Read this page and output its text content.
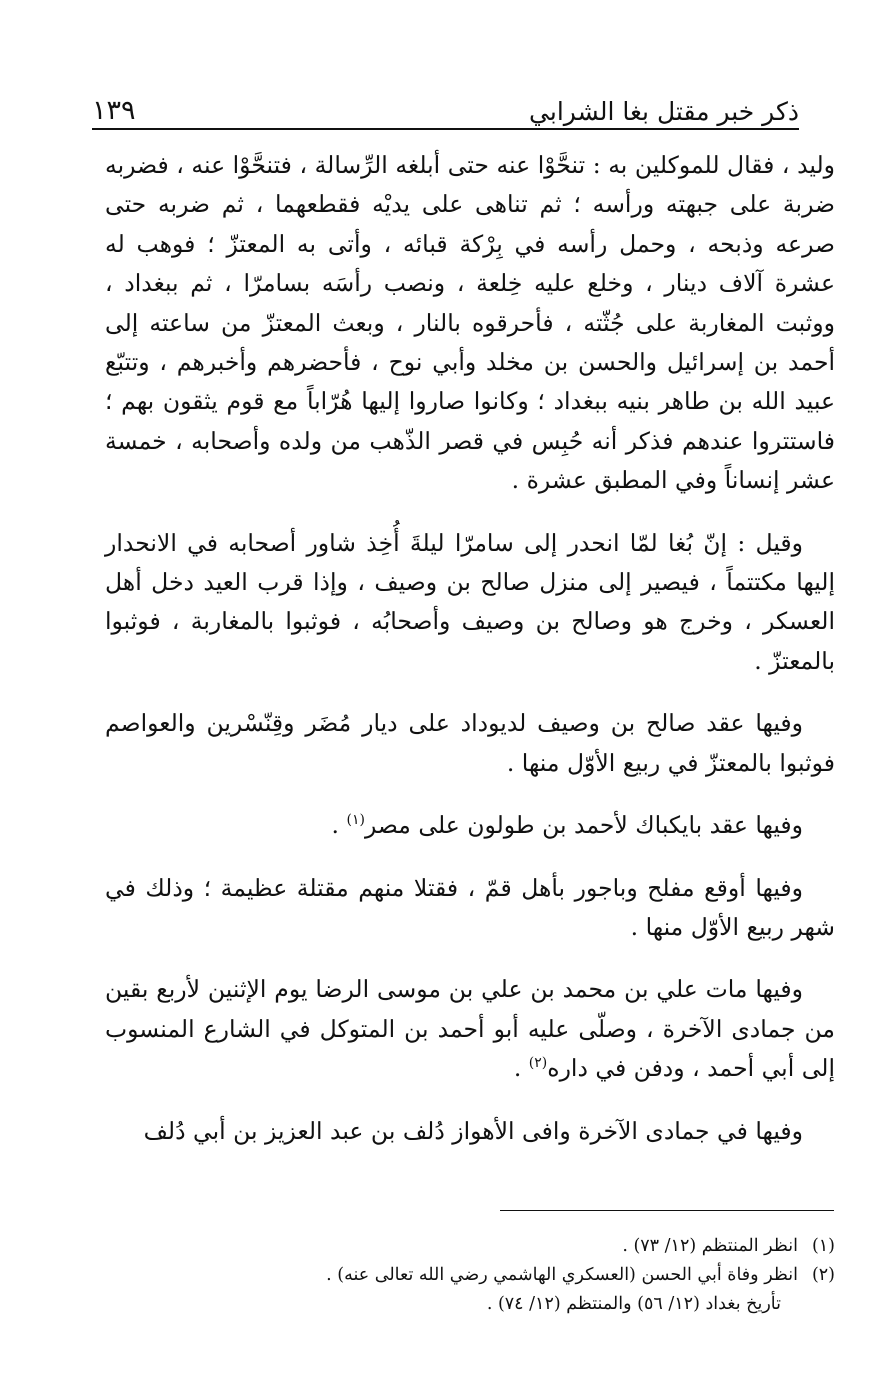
ذكر خبر مقتل بغا الشرابي
١٣٩

وليد ، فقال للموكلين به : تنحَّوْا عنه حتى أبلغه الرِّسالة ، فتنحَّوْا عنه ، فضربه ضربة على جبهته ورأسه ؛ ثم تناهى على يديْه فقطعهما ، ثم ضربه حتى صرعه وذبحه ، وحمل رأسه في بِرْكة قبائه ، وأتى به المعتزّ ؛ فوهب له عشرة آلاف دينار ، وخلع عليه خِلعة ، ونصب رأسَه بسامرّا ، ثم ببغداد ، ووثبت المغاربة على جُثّته ، فأحرقوه بالنار ، وبعث المعتزّ من ساعته إلى أحمد بن إسرائيل والحسن بن مخلد وأبي نوح ، فأحضرهم وأخبرهم ، وتتبّع عبيد الله بن طاهر بنيه ببغداد ؛ وكانوا صاروا إليها هُرّاباً مع قوم يثقون بهم ؛ فاستتروا عندهم فذكر أنه حُبِس في قصر الذّهب من ولده وأصحابه ، خمسة عشر إنساناً وفي المطبق عشرة .

وقيل : إنّ بُغا لمّا انحدر إلى سامرّا ليلةَ أُخِذ شاور أصحابه في الانحدار إليها مكتتماً ، فيصير إلى منزل صالح بن وصيف ، وإذا قرب العيد دخل أهل العسكر ، وخرج هو وصالح بن وصيف وأصحابُه ، فوثبوا بالمغاربة ، فوثبوا بالمعتزّ .

وفيها عقد صالح بن وصيف لديوداد على ديار مُضَر وقِنّسْرين والعواصم فوثبوا بالمعتزّ في ربيع الأوّل منها .

وفيها عقد بايكباك لأحمد بن طولون على مصر$^{(١)}$ .

وفيها أوقع مفلح وباجور بأهل قمّ ، فقتلا منهم مقتلة عظيمة ؛ وذلك في شهر ربيع الأوّل منها .

وفيها مات علي بن محمد بن علي بن موسى الرضا يوم الإثنين لأربع بقين من جمادى الآخرة ، وصلّى عليه أبو أحمد بن المتوكل في الشارع المنسوب إلى أبي أحمد ، ودفن في داره$^{(٢)}$ .

وفيها في جمادى الآخرة وافى الأهواز دُلف بن عبد العزيز بن أبي دُلف

(١)
انظر المنتظم (١٢/ ٧٣) .
(٢)
انظر وفاة أبي الحسن (العسكري الهاشمي رضي الله تعالى عنه) .
تأريخ بغداد (١٢/ ٥٦) والمنتظم (١٢/ ٧٤) .
